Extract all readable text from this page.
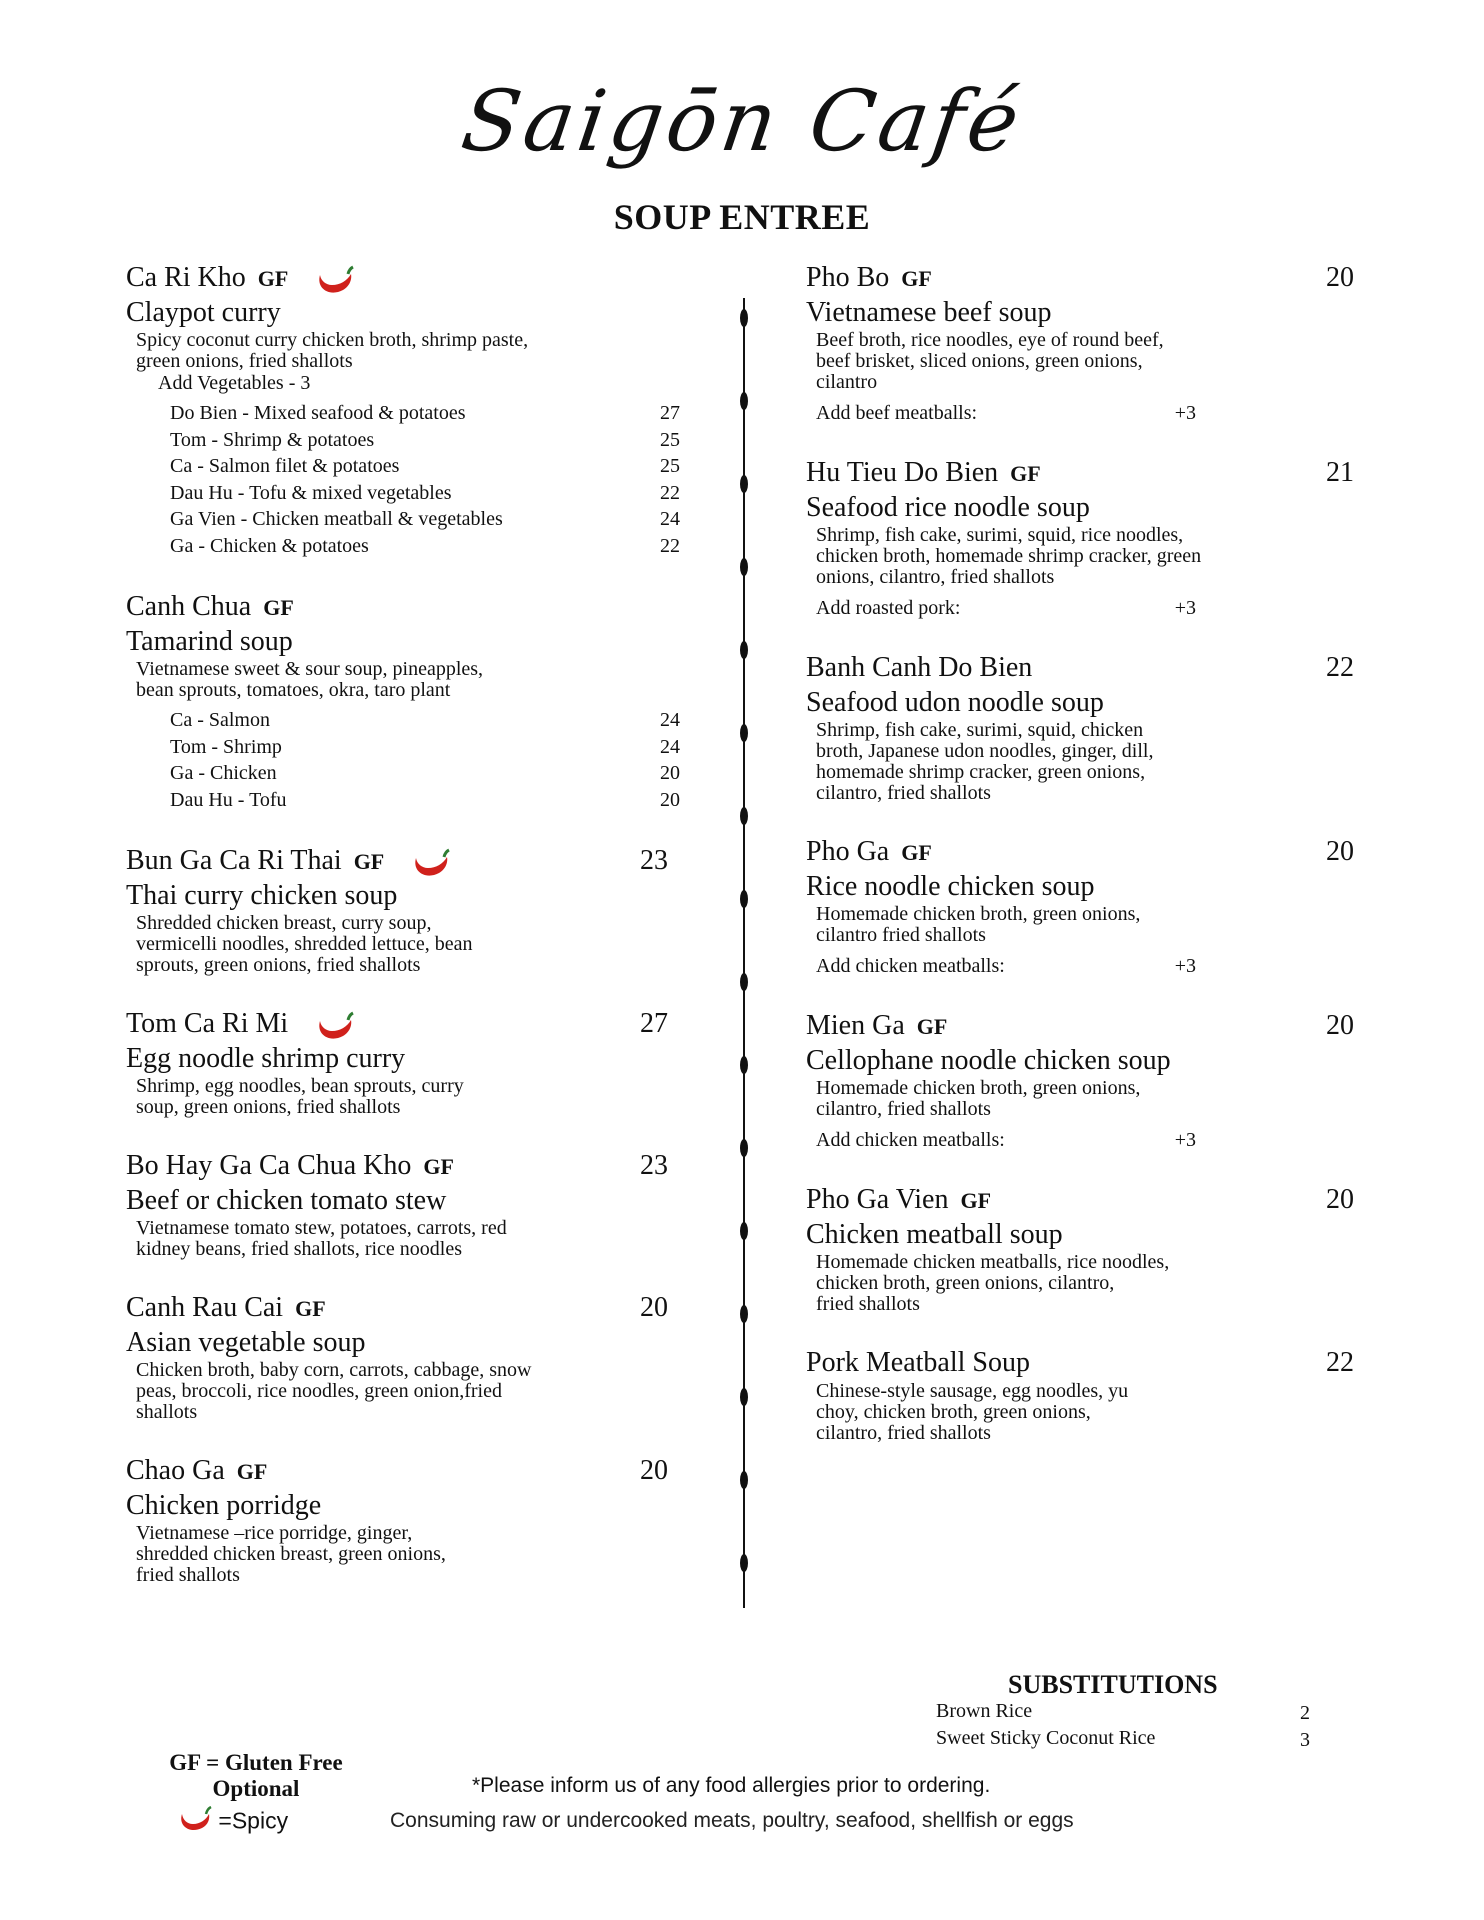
Saigōn Café
SOUP ENTREE
Ca Ri Kho GF
Claypot curry
Spicy coconut curry chicken broth, shrimp paste,
green onions, fried shallots
Add Vegetables - 3
Do Bien - Mixed seafood & potatoes	27
Tom - Shrimp & potatoes	25
Ca - Salmon filet & potatoes	25
Dau Hu - Tofu & mixed vegetables	22
Ga Vien - Chicken meatball & vegetables	24
Ga - Chicken & potatoes	22
Canh Chua GF
Tamarind soup
Vietnamese sweet & sour soup, pineapples,
bean sprouts, tomatoes, okra, taro plant
Ca - Salmon	24
Tom - Shrimp	24
Ga - Chicken	20
Dau Hu - Tofu	20
Bun Ga Ca Ri Thai GF	23
Thai curry chicken soup
Shredded chicken breast, curry soup,
vermicelli noodles, shredded lettuce, bean
sprouts, green onions, fried shallots
Tom Ca Ri Mi	27
Egg noodle shrimp curry
Shrimp, egg noodles, bean sprouts, curry
soup, green onions, fried shallots
Bo Hay Ga Ca Chua Kho GF	23
Beef or chicken tomato stew
Vietnamese tomato stew, potatoes, carrots, red
kidney beans, fried shallots, rice noodles
Canh Rau Cai GF	20
Asian vegetable soup
Chicken broth, baby corn, carrots, cabbage, snow
peas, broccoli, rice noodles, green onion,fried
shallots
Chao Ga GF	20
Chicken porridge
Vietnamese –rice porridge, ginger,
shredded chicken breast, green onions,
fried shallots
Pho Bo GF	20
Vietnamese beef soup
Beef broth, rice noodles, eye of round beef,
beef brisket, sliced onions, green onions,
cilantro
Add beef meatballs:	+3
Hu Tieu Do Bien GF	21
Seafood rice noodle soup
Shrimp, fish cake, surimi, squid, rice noodles,
chicken broth, homemade shrimp cracker, green
onions, cilantro, fried shallots
Add roasted pork:	+3
Banh Canh Do Bien	22
Seafood udon noodle soup
Shrimp, fish cake, surimi, squid, chicken
broth, Japanese udon noodles, ginger, dill,
homemade shrimp cracker, green onions,
cilantro, fried shallots
Pho Ga GF	20
Rice noodle chicken soup
Homemade chicken broth, green onions,
cilantro fried shallots
Add chicken meatballs:	+3
Mien Ga GF	20
Cellophane noodle chicken soup
Homemade chicken broth, green onions,
cilantro, fried shallots
Add chicken meatballs:	+3
Pho Ga Vien GF	20
Chicken meatball soup
Homemade chicken meatballs, rice noodles,
chicken broth, green onions, cilantro,
fried shallots
Pork Meatball Soup	22
Chinese-style sausage, egg noodles, yu
choy, chicken broth, green onions,
cilantro, fried shallots
SUBSTITUTIONS
Brown Rice	2
Sweet Sticky Coconut Rice	3
GF = Gluten Free Optional
=Spicy
*Please inform us of any food allergies prior to ordering.
Consuming raw or undercooked meats, poultry, seafood, shellfish or eggs
